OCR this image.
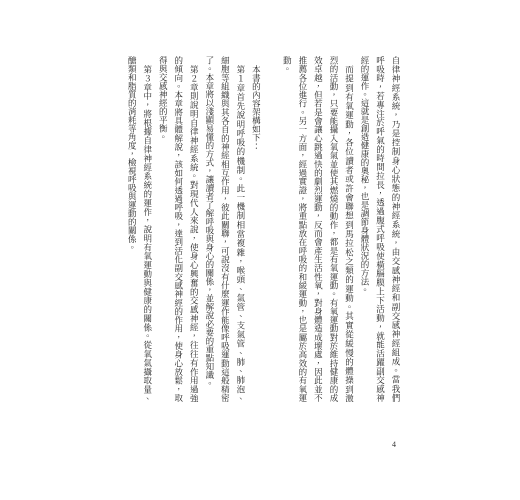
自律神經系統，乃是控制身心狀態的神經系統，由交感神經和副交感神經組成。當我們
呼吸時，若專注於呼氣的時間拉長，透過腹式呼吸使橫膈膜上下活動，就能活躍副交感神
經的運作。這就是創造健康的奧秘，也是調節身體狀況的方法。
而提到有氧運動，各位讀者或許會聯想到馬拉松之類的運動。其實從緩慢的體操到激
烈的活動，只要能攝入氧氣並使其燃燒的動作，都是有氧運動。有氧運動對於維持健康的成
效卓越，但若是會讓心跳過快的劇烈運動，反而會產生活性氧，對身體造成壞處，因此並不
推薦各位進行。另一方面，經過實證，將重點放在呼吸的和緩運動，也是屬於高效的有氧運
動。
本書的內容架構如下：
第１章首先說明呼吸的機制。此一機制相當複雜，喉頭、氣管、支氣管、肺、肺泡、
細胞等組織與其各自的神經相互作用，彼此關聯，可說沒有什麼運作能像呼吸運動這般精密
了。本章將以淺顯易懂的方式，讓讀者了解呼吸與身心的關係，並解說必要的重點知識。
第２章則說明自律神經系統。對現代人來說，使身心興奮的交感神經，往往有作用過強
的傾向。本章將具體解說，該如何透過呼吸，達到活化副交感神經的作用，使身心放鬆，取
得與交感神經的平衡。
第３章中，將根據自律神經系統的運作，說明有氧運動與健康的關係。從氧氣攝取量、
醣類和脂質的消耗等角度，檢視呼吸與運動的關係。
4
